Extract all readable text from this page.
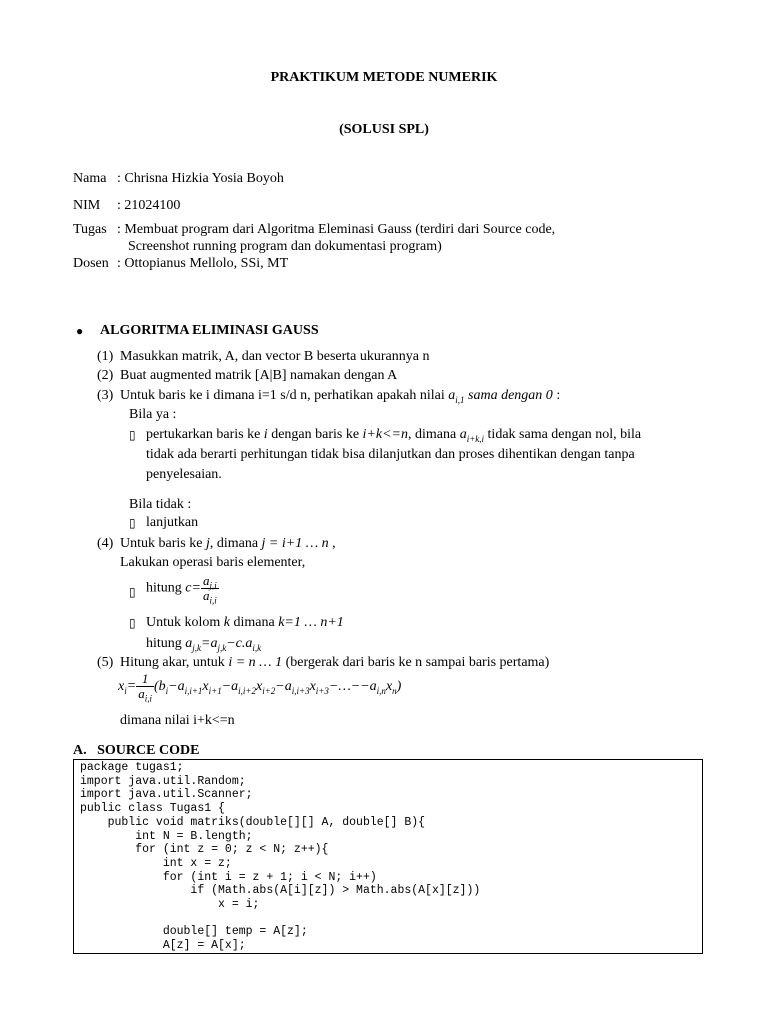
PRAKTIKUM METODE NUMERIK
(SOLUSI SPL)
Nama : Chrisna Hizkia Yosia Boyoh
NIM : 21024100
Tugas : Membuat program dari Algoritma Eleminasi Gauss (terdiri dari Source code,
Screenshot running program dan dokumentasi program)
Dosen : Ottopianus Mellolo, SSi, MT
● ALGORITMA ELIMINASI GAUSS
(1) Masukkan matrik, A, dan vector B beserta ukurannya n
(2) Buat augmented matrik [A|B] namakan dengan A
(3) Untuk baris ke i dimana i=1 s/d n, perhatikan apakah nilai $a_{i,1}$ sama dengan 0 :
Bila ya :
▯ pertukarkan baris ke i dengan baris ke i+k<=n, dimana $a_{i+k,i}$ tidak sama dengan nol, bila
tidak ada berarti perhitungan tidak bisa dilanjutkan dan proses dihentikan dengan tanpa
penyelesaian.
Bila tidak :
▯ lanjutkan
(4) Untuk baris ke j, dimana j = i+1 … n ,
Lakukan operasi baris elementer,
▯ hitung $c= \frac{a_{j,i}}{a_{i,i}}$
▯ Untuk kolom k dimana k=1 … n+1
hitung $a_{j,k}=a_{j,k}-c.a_{i,k}$
(5) Hitung akar, untuk i = n … 1 (bergerak dari baris ke n sampai baris pertama)
$x_i= \frac{1}{a_{i,i}}$ $(b_i-a_{i,i+1}x_{i+1}-a_{i,i+2}x_{i+2}-a_{i,i+3}x_{i+3}-\dots--a_{i,n}x_n)$
dimana nilai i+k<=n
A.   SOURCE CODE
package tugas1;
import java.util.Random;
import java.util.Scanner;
public class Tugas1 {
public void matriks(double[][] A, double[] B){
int N = B.length;
for (int z = 0; z < N; z++){
int x = z;
for (int i = z + 1; i < N; i++)
if (Math.abs(A[i][z]) > Math.abs(A[x][z]))
x = i;

double[] temp = A[z];
A[z] = A[x];
